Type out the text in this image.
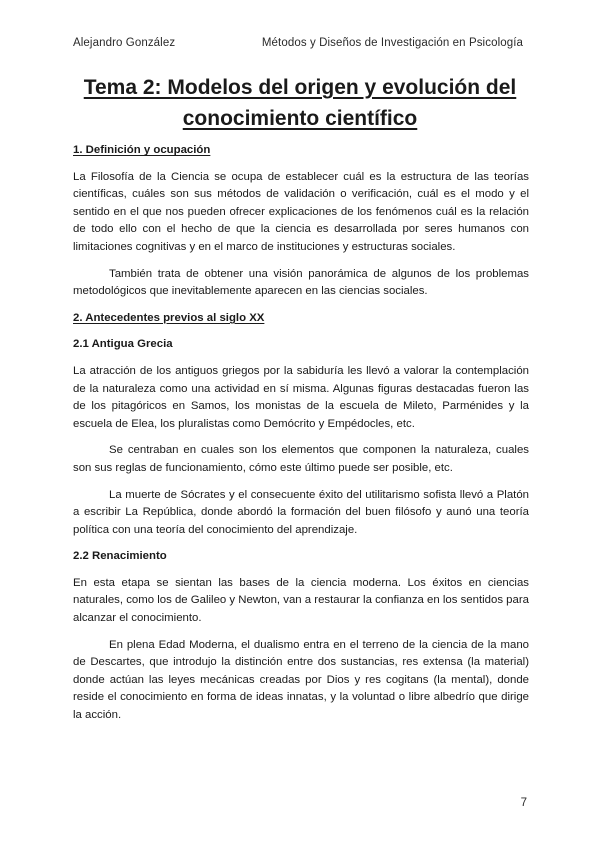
Alejandro González	Métodos y Diseños de Investigación en Psicología
Tema 2: Modelos del origen y evolución del
conocimiento científico
1. Definición y ocupación

La Filosofía de la Ciencia se ocupa de establecer cuál es la estructura de las teorías científicas, cuáles son sus métodos de validación o verificación, cuál es el modo y el sentido en el que nos pueden ofrecer explicaciones de los fenómenos cuál es la relación de todo ello con el hecho de que la ciencia es desarrollada por seres humanos con limitaciones cognitivas y en el marco de instituciones y estructuras sociales.

También trata de obtener una visión panorámica de algunos de los problemas metodológicos que inevitablemente aparecen en las ciencias sociales.

2. Antecedentes previos al siglo XX
2.1 Antigua Grecia

La atracción de los antiguos griegos por la sabiduría les llevó a valorar la contemplación de la naturaleza como una actividad en sí misma. Algunas figuras destacadas fueron las de los pitagóricos en Samos, los monistas de la escuela de Mileto, Parménides y la escuela de Elea, los pluralistas como Demócrito y Empédocles, etc.

Se centraban en cuales son los elementos que componen la naturaleza, cuales son sus reglas de funcionamiento, cómo este último puede ser posible, etc.

La muerte de Sócrates y el consecuente éxito del utilitarismo sofista llevó a Platón a escribir La República, donde abordó la formación del buen filósofo y aunó una teoría política con una teoría del conocimiento del aprendizaje.

2.2 Renacimiento

En esta etapa se sientan las bases de la ciencia moderna. Los éxitos en ciencias naturales, como los de Galileo y Newton, van a restaurar la confianza en los sentidos para alcanzar el conocimiento.

En plena Edad Moderna, el dualismo entra en el terreno de la ciencia de la mano de Descartes, que introdujo la distinción entre dos sustancias, res extensa (la material) donde actúan las leyes mecánicas creadas por Dios y res cogitans (la mental), donde reside el conocimiento en forma de ideas innatas, y la voluntad o libre albedrío que dirige la acción.

7
